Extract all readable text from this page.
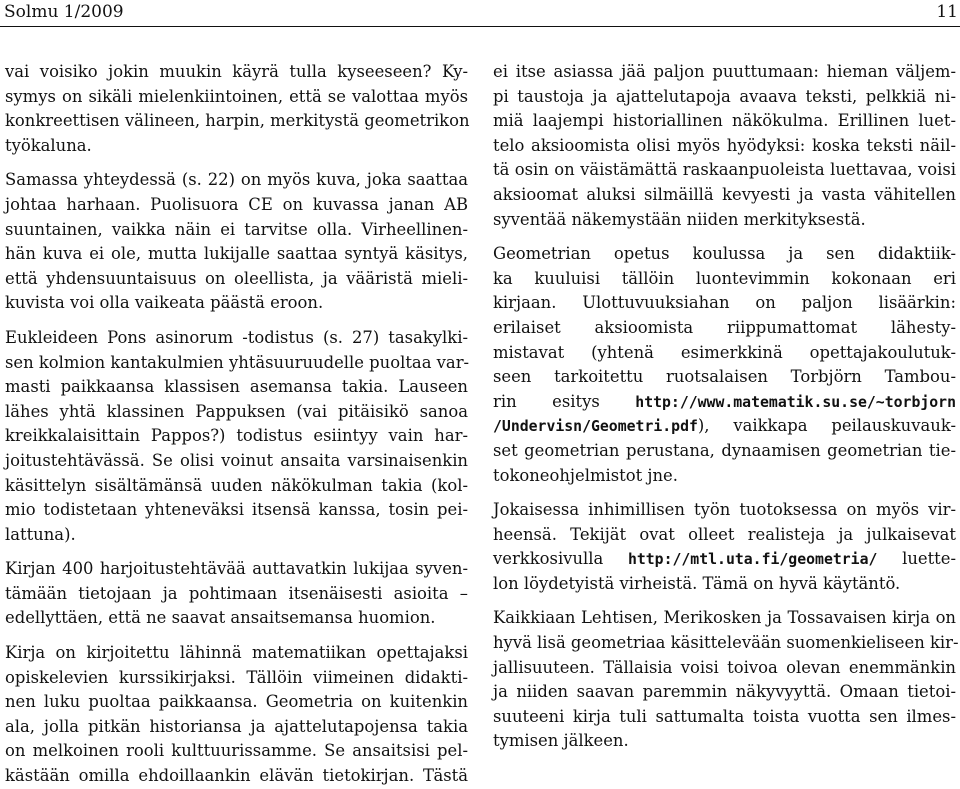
Solmu 1/2009	11
vai voisiko jokin muukin käyrä tulla kyseeseen? Ky-
symys on sikäli mielenkiintoinen, että se valottaa myös
konkreettisen välineen, harpin, merkitystä geometrikon
työkaluna.
Samassa yhteydessä (s. 22) on myös kuva, joka saattaa
johtaa harhaan. Puolisuora CE on kuvassa janan AB
suuntainen, vaikka näin ei tarvitse olla. Virheellinen-
hän kuva ei ole, mutta lukijalle saattaa syntyä käsitys,
että yhdensuuntaisuus on oleellista, ja vääristä mieli-
kuvista voi olla vaikeata päästä eroon.
Eukleideen Pons asinorum -todistus (s. 27) tasakylki-
sen kolmion kantakulmien yhtäsuuruudelle puoltaa var-
masti paikkaansa klassisen asemansa takia. Lauseen
lähes yhtä klassinen Pappuksen (vai pitäisikö sanoa
kreikkalaisittain Pappos?) todistus esiintyy vain har-
joitustehtävässä. Se olisi voinut ansaita varsinaisenkin
käsittelyn sisältämänsä uuden näkökulman takia (kol-
mio todistetaan yhteneväksi itsensä kanssa, tosin pei-
lattuna).
Kirjan 400 harjoitustehtävää auttavatkin lukijaa syven-
tämään tietojaan ja pohtimaan itsenäisesti asioita –
edellyttäen, että ne saavat ansaitsemansa huomion.
Kirja on kirjoitettu lähinnä matematiikan opettajaksi
opiskelevien kurssikirjaksi. Tällöin viimeinen didakti-
nen luku puoltaa paikkaansa. Geometria on kuitenkin
ala, jolla pitkän historiansa ja ajattelutapojensa takia
on melkoinen rooli kulttuurissamme. Se ansaitsisi pel-
kästään omilla ehdoillaankin elävän tietokirjan. Tästä
ei itse asiassa jää paljon puuttumaan: hieman väljem-
pi taustoja ja ajattelutapoja avaava teksti, pelkkiä ni-
miä laajempi historiallinen näkökulma. Erillinen luet-
telo aksioomista olisi myös hyödyksi: koska teksti näil-
tä osin on väistämättä raskaanpuoleista luettavaa, voisi
aksioomat aluksi silmäillä kevyesti ja vasta vähitellen
syventää näkemystään niiden merkityksestä.
Geometrian opetus koulussa ja sen didaktiik-
ka kuuluisi tällöin luontevimmin kokonaan eri
kirjaan. Ulottuvuuksiahan on paljon lisäärkin:
erilaiset aksioomista riippumattomat lähesty-
mistavat (yhtenä esimerkkinä opettajakoulutuk-
seen tarkoitettu ruotsalaisen Torbjörn Tambou-
rin esitys http://www.matematik.su.se/~torbjorn
/Undervisn/Geometri.pdf), vaikkapa peilauskuvauk-
set geometrian perustana, dynaamisen geometrian tie-
tokoneohjelmistot jne.
Jokaisessa inhimillisen työn tuotoksessa on myös vir-
heensä. Tekijät ovat olleet realisteja ja julkaisevat
verkkosivulla http://mtl.uta.fi/geometria/ luette-
lon löydetyistä virheistä. Tämä on hyvä käytäntö.
Kaikkiaan Lehtisen, Merikosken ja Tossavaisen kirja on
hyvä lisä geometriaa käsittelevään suomenkieliseen kir-
jallisuuteen. Tällaisia voisi toivoa olevan enemmänkin
ja niiden saavan paremmin näkyvyyttä. Omaan tietoi-
suuteeni kirja tuli sattumalta toista vuotta sen ilmes-
tymisen jälkeen.
